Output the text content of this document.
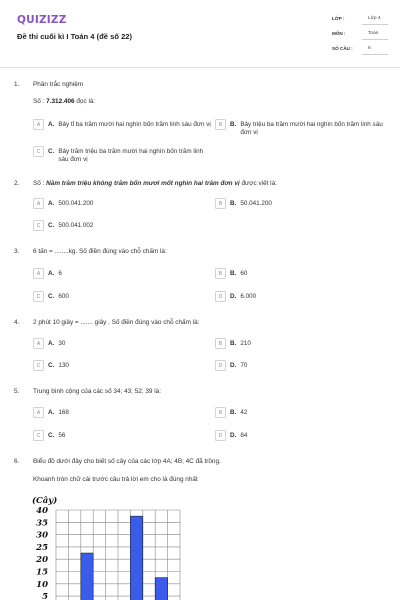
QUIZIZZ
Đề thi cuối kì I Toán 4 (đề số 22)
LỚP :	Lớp 4
MÔN :	Toán
SỐ CÂU :	6
1. Phần trắc nghiệm
Số : 7.312.406 đọc là:
A	A. Bảy tỉ ba trăm mười hai nghìn bốn trăm linh sáu đơn vị	B	B. Bảy triệu ba trăm mười hai nghìn bốn trăm linh sáu đơn vị
C	C. Bảy trăm triệu ba trăm mười hai nghìn bốn trăm linh sáu đơn vị
2. Số : Năm trăm triệu không trăm bốn mươi mốt nghìn hai trăm đơn vị được viết là:
A	A. 500.041.200	B	B. 50.041.200
C	C. 500.041.002
3. 6 tấn = ........kg. Số điền đúng vào chỗ chấm là:
A	A. 6	B	B. 60
C	C. 600	D	D. 6.000
4. 2 phút 10 giây = ....... giây . Số điền đúng vào chỗ chấm là:
A	A. 30	B	B. 210
C	C. 130	D	D. 70
5. Trung bình cộng của các số 34; 43; 52; 39 là:
A	A. 168	B	B. 42
C	C. 56	D	D. 84
6. Biểu đồ dưới đây cho biết số cây của các lớp 4A; 4B; 4C đã trồng.
Khoanh tròn chữ cái trước câu trả lời em cho là đúng nhất
(Cây)
40
35
30
25
20
15
10
5
